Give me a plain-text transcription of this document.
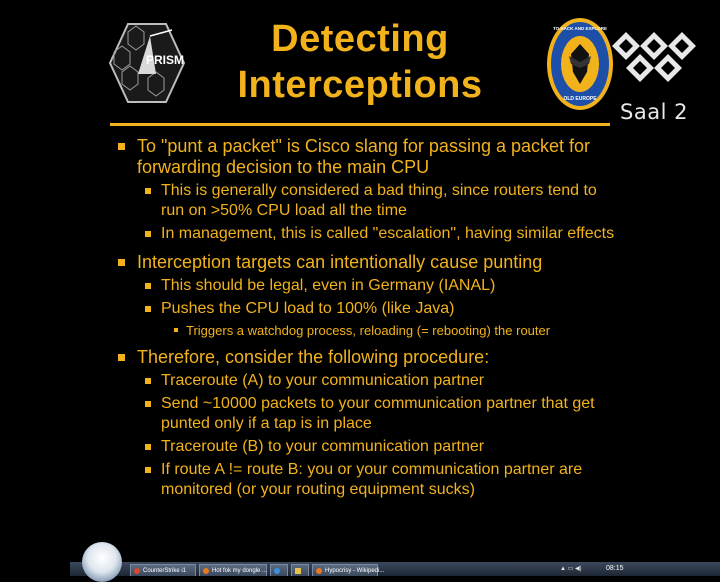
PRISM	Detecting
Interceptions	OLD EUROPE
TO HACK AND EXPLORE
Saal 2
To "punt a packet" is Cisco slang for passing a packet for forwarding decision to the main CPU
This is generally considered a bad thing, since routers tend to run on >50% CPU load all the time
In management, this is called "escalation", having similar effects
Interception targets can intentionally cause punting
This should be legal, even in Germany (IANAL)
Pushes the CPU load to 100% (like Java)
Triggers a watchdog process, reloading (= rebooting) the router
Therefore, consider the following procedure:
Traceroute (A) to your communication partner
Send ~10000 packets to your communication partner that get punted only if a tap is in place
Traceroute (B) to your communication partner
If route A != route B: you or your communication partner are monitored (or your routing equipment sucks)
CounterStrike i1	Hot fok my dongle ...	Hypocrisy - Wikipedi...	▲ ▭ ◀)	08:15
